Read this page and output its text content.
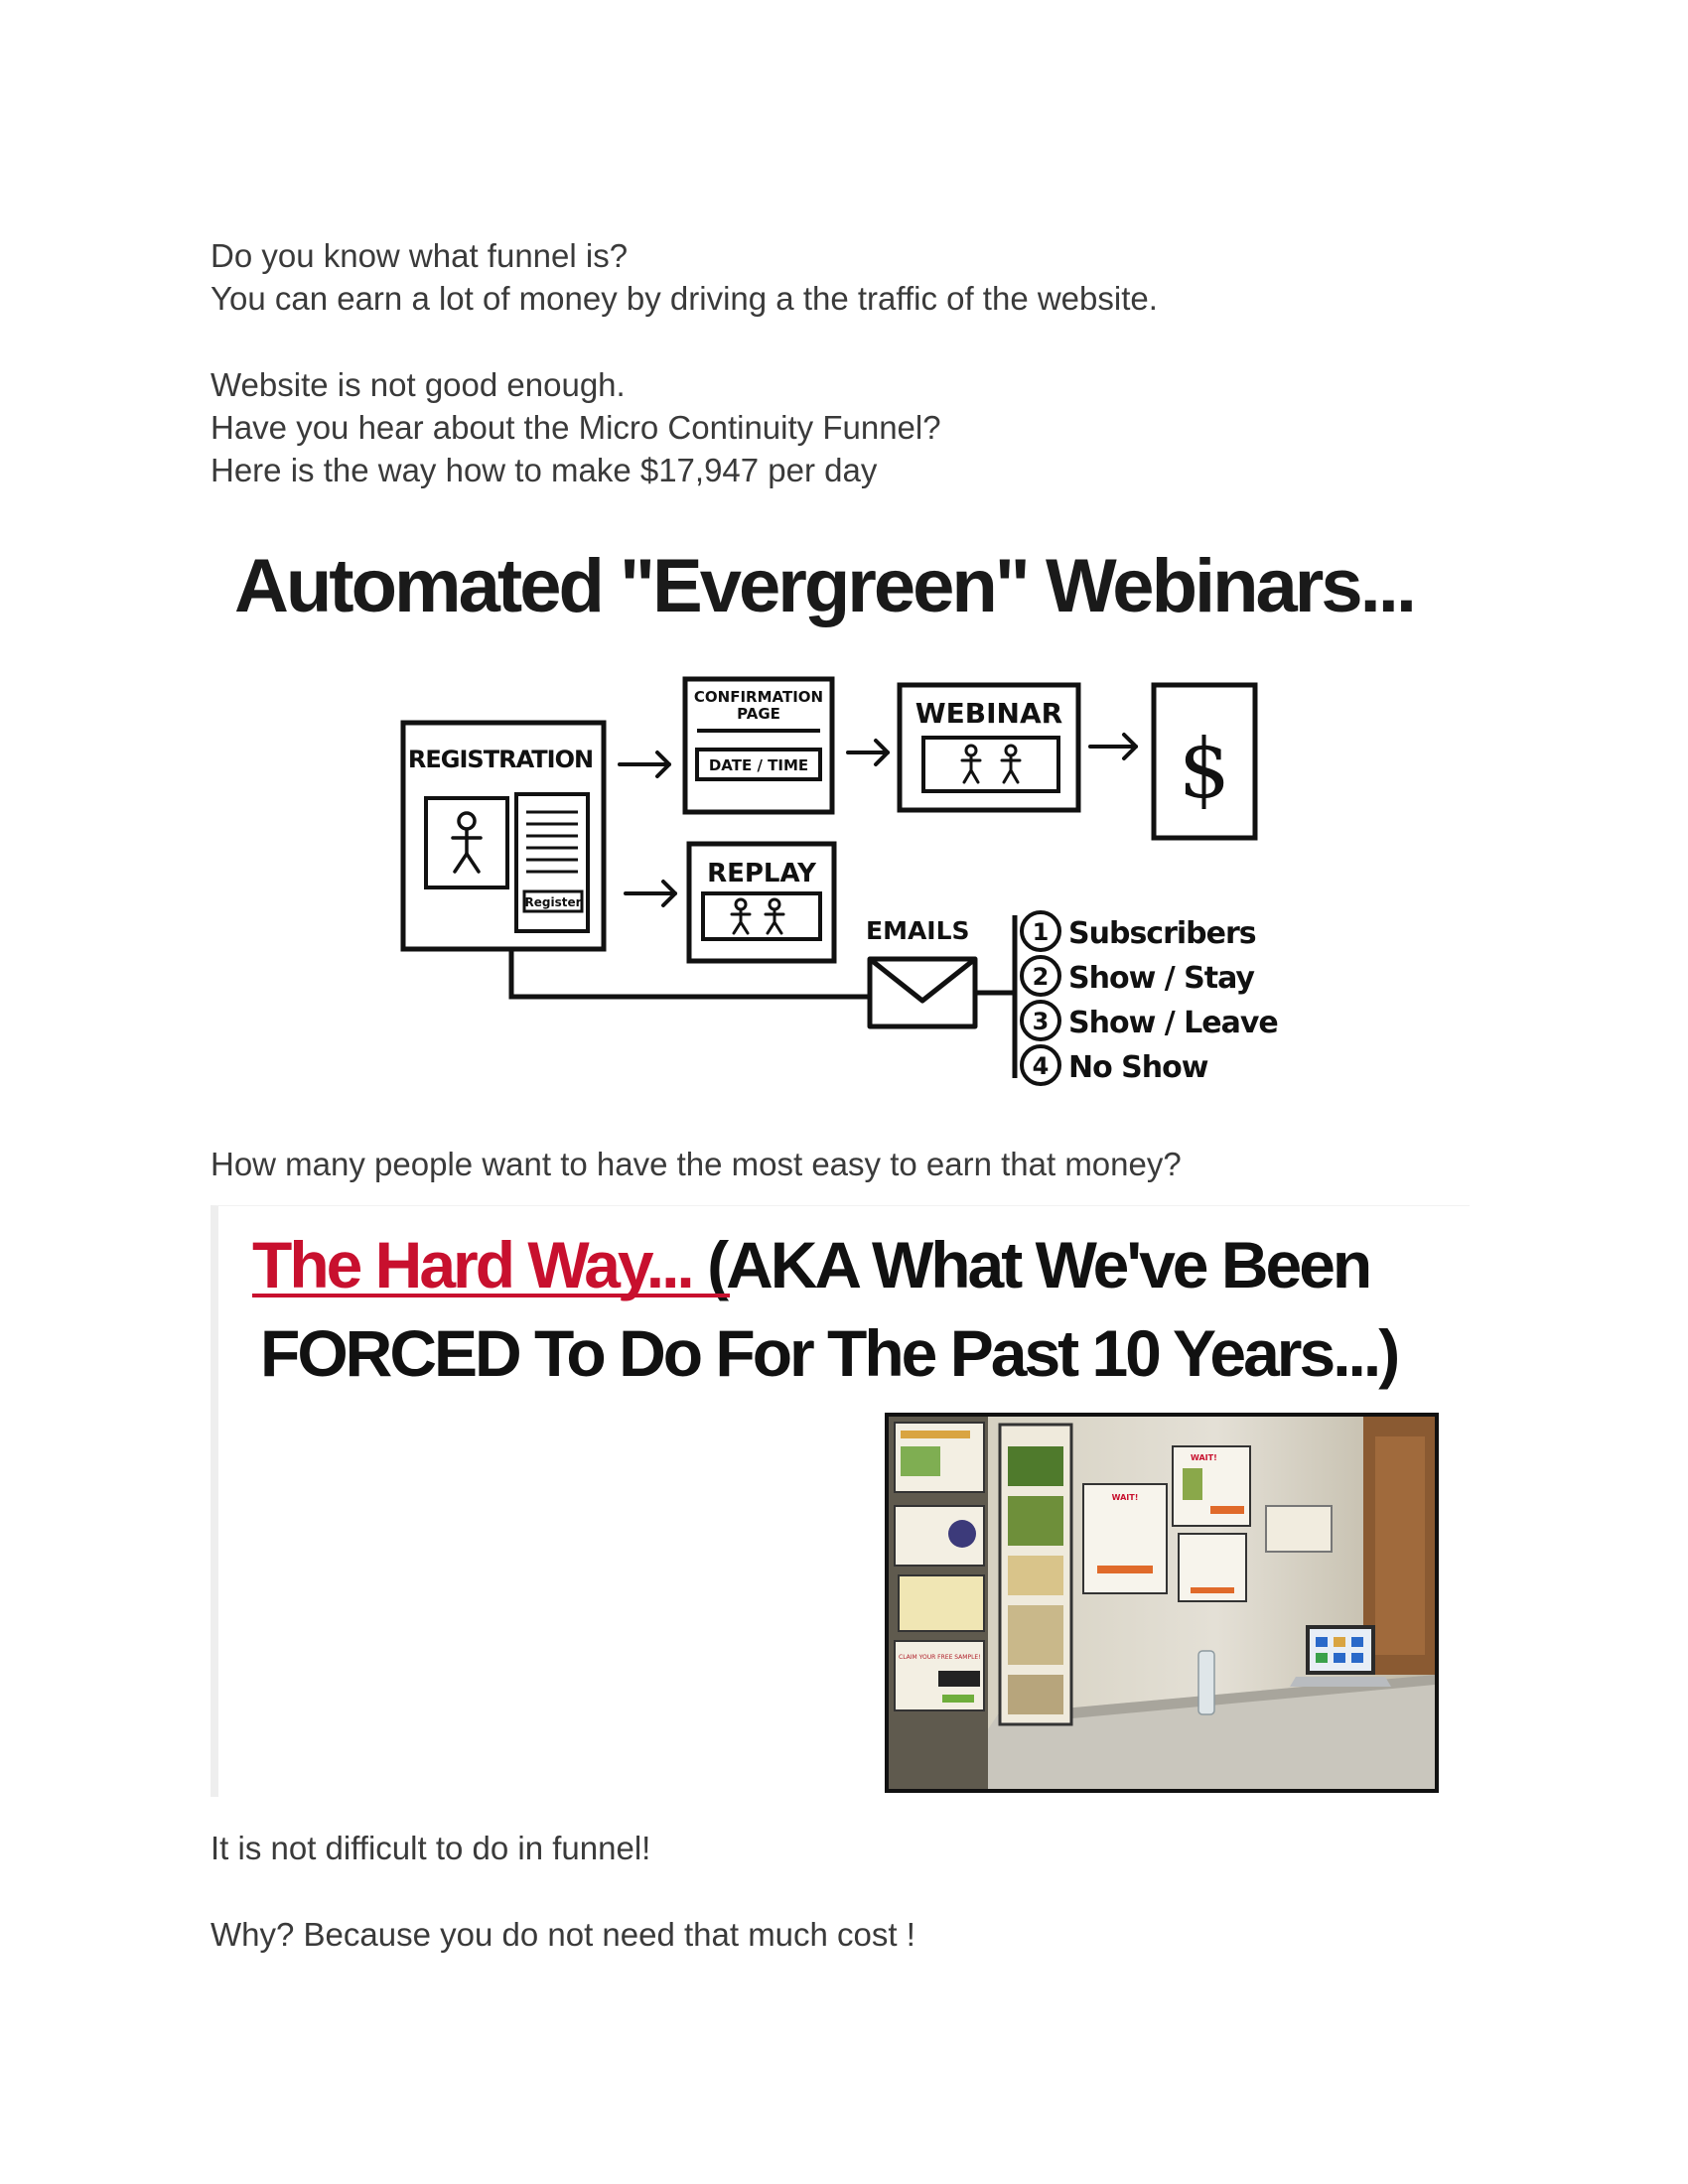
Do you know what funnel is?

You can earn a lot of money by driving a the traffic of the website.

Website is not good enough.

Have you hear about the Micro Continuity Funnel?

Here is the way how to make $17,947 per day

Automated "Evergreen" Webinars...
REGISTRATION
Register
CONFIRMATION
PAGE
DATE / TIME
WEBINAR
$
REPLAY
EMAILS	1 Subscribers
2 Show / Stay
3 Show / Leave
4 No Show

How many people want to have the most easy to earn that money?

The Hard Way... (AKA What We've Been
FORCED To Do For The Past 10 Years...)
CLAIM YOUR FREE SAMPLE!
WAIT!
WAIT!

It is not difficult to do in funnel!

Why? Because you do not need that much cost !
